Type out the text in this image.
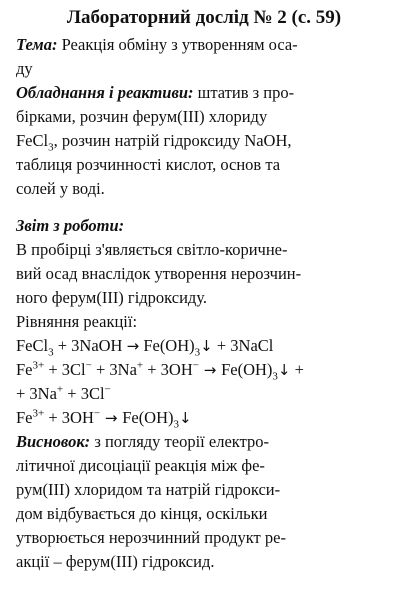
Лабораторний дослід № 2 (с. 59)
Тема: Реакція обміну з утворенням оса-
ду
Обладнання і реактиви: штатив з про-
бірками, розчин ферум(III) хлориду
FeCl$_3$, розчин натрій гідроксиду NaOH,
таблиця розчинності кислот, основ та
солей у воді.
Звіт з роботи:
В пробірці з'являється світло-коричне-
вий осад внаслідок утворення нерозчин-
ного ферум(III) гідроксиду.
Рівняння реакції:
FeCl$_3$ + 3NaOH → $Fe(OH)_3↓$ + 3NaCl
$Fe^{3+} + 3Cl^- + 3Na^+ + 3OH^-$ → $Fe(OH)_3↓$ +
+ 3Na+ + 3Cl−
$Fe^{3+} + 3OH^-$ → $Fe(OH)_3↓$
Висновок: з погляду теорії електро-
літичної дисоціації реакція між фе-
рум(III) хлоридом та натрій гідрокси-
дом відбувається до кінця, оскільки
утворюється нерозчинний продукт ре-
акції – ферум(III) гідроксид.
